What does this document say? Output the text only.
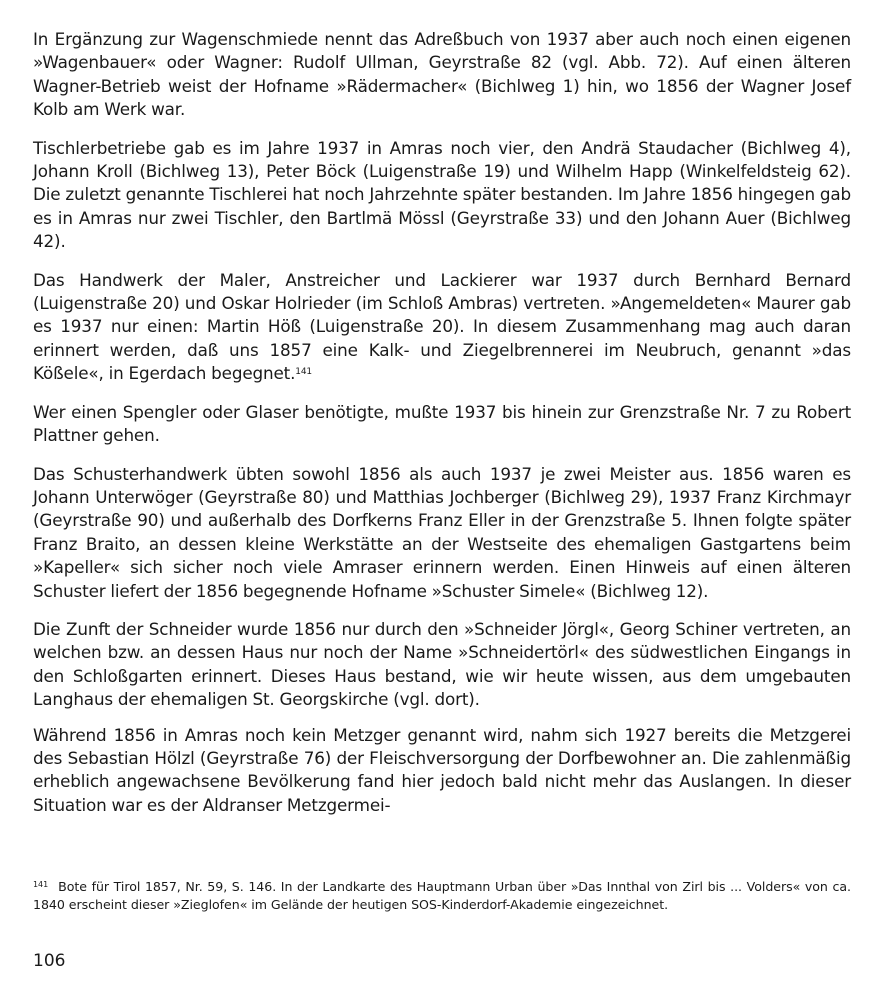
In Ergänzung zur Wagenschmiede nennt das Adreßbuch von 1937 aber auch noch einen eigenen »Wagenbauer« oder Wagner: Rudolf Ullman, Geyrstraße 82 (vgl. Abb. 72). Auf einen älteren Wagner-Betrieb weist der Hofname »Rädermacher« (Bichlweg 1) hin, wo 1856 der Wagner Josef Kolb am Werk war.

Tischlerbetriebe gab es im Jahre 1937 in Amras noch vier, den Andrä Staudacher (Bichlweg 4), Johann Kroll (Bichlweg 13), Peter Böck (Luigenstraße 19) und Wilhelm Happ (Winkelfeldsteig 62). Die zuletzt genannte Tischlerei hat noch Jahrzehnte später bestanden. Im Jahre 1856 hingegen gab es in Amras nur zwei Tischler, den Bartlmä Mössl (Geyrstraße 33) und den Johann Auer (Bichlweg 42).

Das Handwerk der Maler, Anstreicher und Lackierer war 1937 durch Bernhard Bernard (Luigenstraße 20) und Oskar Holrieder (im Schloß Ambras) vertreten. »Angemeldeten« Maurer gab es 1937 nur einen: Martin Höß (Luigenstraße 20). In diesem Zusammenhang mag auch daran erinnert werden, daß uns 1857 eine Kalk- und Ziegelbrennerei im Neubruch, genannt »das Kößele«, in Egerdach begegnet.$^{141}$

Wer einen Spengler oder Glaser benötigte, mußte 1937 bis hinein zur Grenzstraße Nr. 7 zu Robert Plattner gehen.

Das Schusterhandwerk übten sowohl 1856 als auch 1937 je zwei Meister aus. 1856 waren es Johann Unterwöger (Geyrstraße 80) und Matthias Jochberger (Bichlweg 29), 1937 Franz Kirchmayr (Geyrstraße 90) und außerhalb des Dorfkerns Franz Eller in der Grenzstraße 5. Ihnen folgte später Franz Braito, an dessen kleine Werkstätte an der Westseite des ehemaligen Gastgartens beim »Kapeller« sich sicher noch viele Amraser erinnern werden. Einen Hinweis auf einen älteren Schuster liefert der 1856 begegnende Hofname »Schuster Simele« (Bichlweg 12).

Die Zunft der Schneider wurde 1856 nur durch den »Schneider Jörgl«, Georg Schiner vertreten, an welchen bzw. an dessen Haus nur noch der Name »Schneidertörl« des südwestlichen Eingangs in den Schloßgarten erinnert. Dieses Haus bestand, wie wir heute wissen, aus dem umgebauten Langhaus der ehemaligen St. Georgskirche (vgl. dort).

Während 1856 in Amras noch kein Metzger genannt wird, nahm sich 1927 bereits die Metzgerei des Sebastian Hölzl (Geyrstraße 76) der Fleischversorgung der Dorfbewohner an. Die zahlenmäßig erheblich angewachsene Bevölkerung fand hier jedoch bald nicht mehr das Auslangen. In dieser Situation war es der Aldranser Metzgermei-

$^{141}$ Bote für Tirol 1857, Nr. 59, S. 146. In der Landkarte des Hauptmann Urban über »Das Innthal von Zirl bis ... Volders« von ca. 1840 erscheint dieser »Zieglofen« im Gelände der heutigen SOS-Kinderdorf-Akademie eingezeichnet.
106
